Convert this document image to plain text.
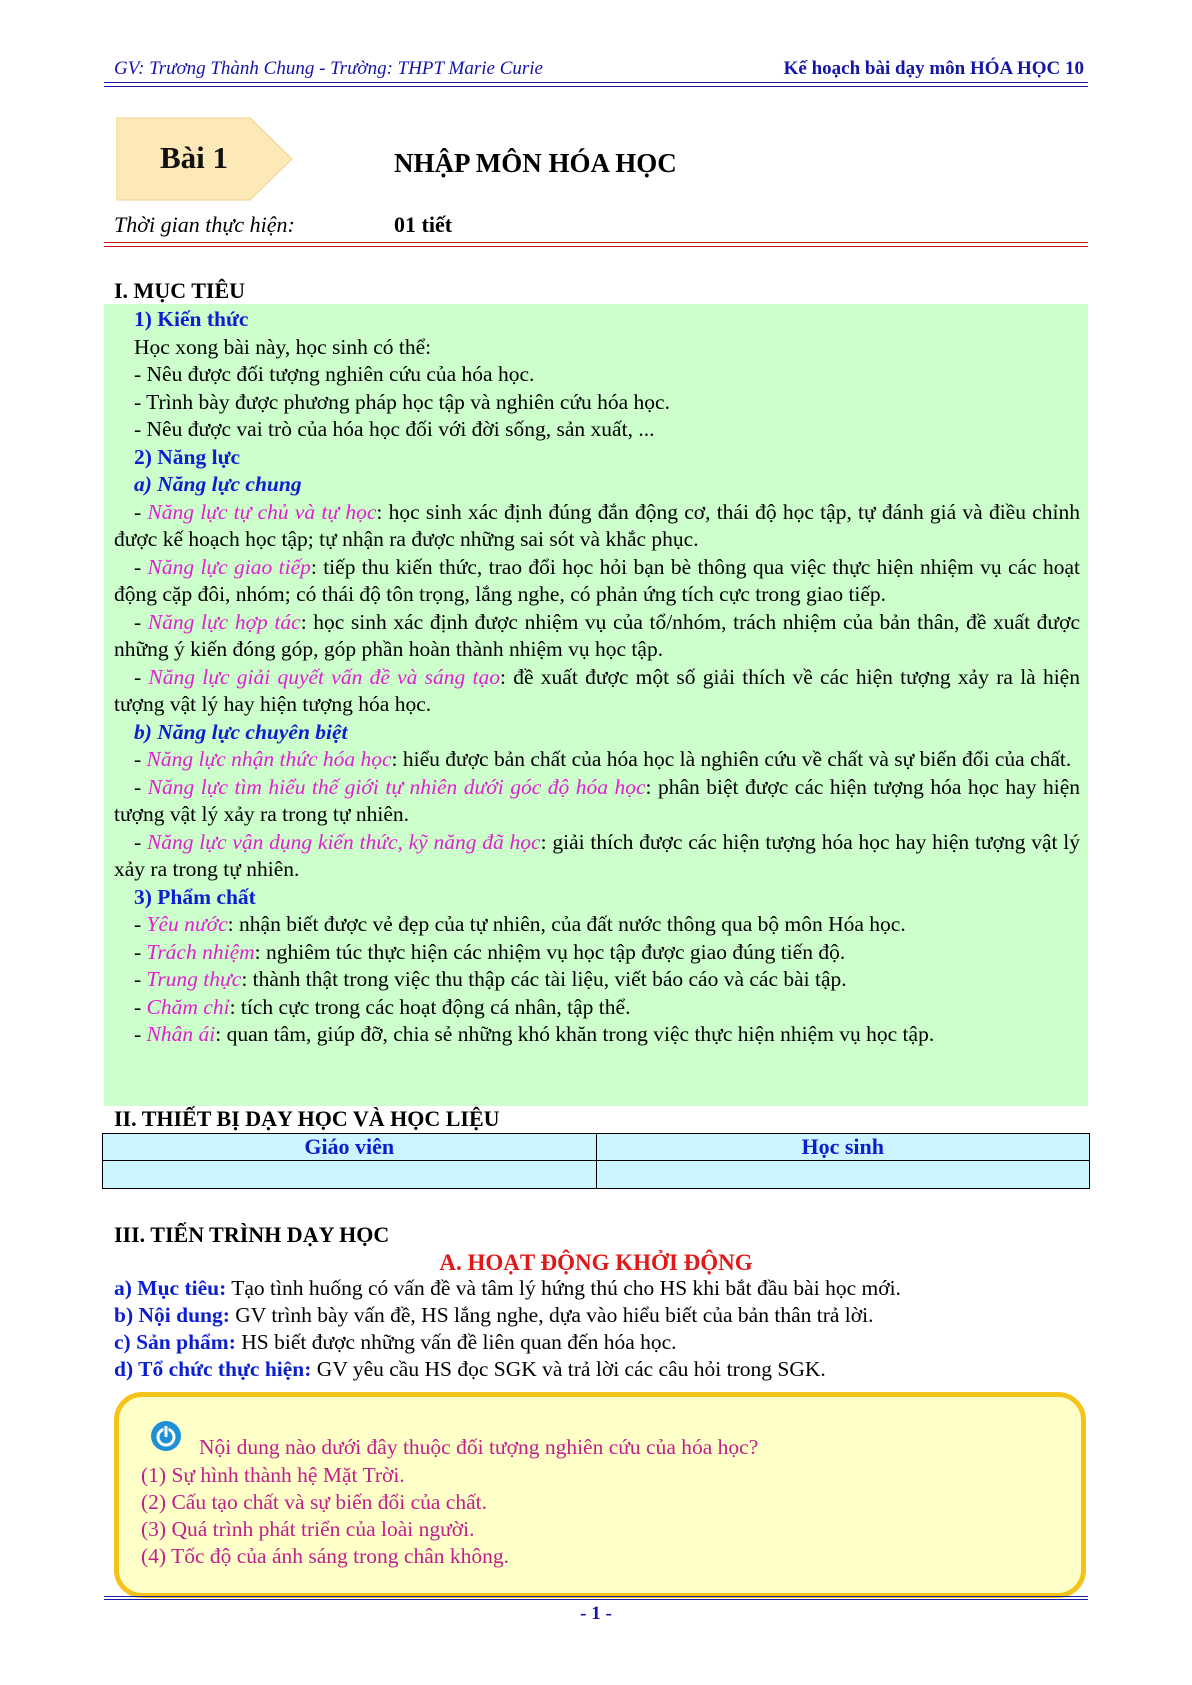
GV: Trương Thành Chung - Trường: THPT Marie Curie	Kế hoạch bài dạy môn HÓA HỌC 10
Bài 1	NHẬP MÔN HÓA HỌC
Thời gian thực hiện:	01 tiết
I. MỤC TIÊU
1) Kiến thức
Học xong bài này, học sinh có thể:
- Nêu được đối tượng nghiên cứu của hóa học.
- Trình bày được phương pháp học tập và nghiên cứu hóa học.
- Nêu được vai trò của hóa học đối với đời sống, sản xuất, ...
2) Năng lực
a) Năng lực chung
- Năng lực tự chủ và tự học: học sinh xác định đúng đắn động cơ, thái độ học tập, tự đánh giá và điều chỉnh được kế hoạch học tập; tự nhận ra được những sai sót và khắc phục.
- Năng lực giao tiếp: tiếp thu kiến thức, trao đổi học hỏi bạn bè thông qua việc thực hiện nhiệm vụ các hoạt động cặp đôi, nhóm; có thái độ tôn trọng, lắng nghe, có phản ứng tích cực trong giao tiếp.
- Năng lực hợp tác: học sinh xác định được nhiệm vụ của tổ/nhóm, trách nhiệm của bản thân, đề xuất được những ý kiến đóng góp, góp phần hoàn thành nhiệm vụ học tập.
- Năng lực giải quyết vấn đề và sáng tạo: đề xuất được một số giải thích về các hiện tượng xảy ra là hiện tượng vật lý hay hiện tượng hóa học.
b) Năng lực chuyên biệt
- Năng lực nhận thức hóa học: hiểu được bản chất của hóa học là nghiên cứu về chất và sự biến đổi của chất.
- Năng lực tìm hiểu thế giới tự nhiên dưới góc độ hóa học: phân biệt được các hiện tượng hóa học hay hiện tượng vật lý xảy ra trong tự nhiên.
- Năng lực vận dụng kiến thức, kỹ năng đã học: giải thích được các hiện tượng hóa học hay hiện tượng vật lý xảy ra trong tự nhiên.
3) Phẩm chất
- Yêu nước: nhận biết được vẻ đẹp của tự nhiên, của đất nước thông qua bộ môn Hóa học.
- Trách nhiệm: nghiêm túc thực hiện các nhiệm vụ học tập được giao đúng tiến độ.
- Trung thực: thành thật trong việc thu thập các tài liệu, viết báo cáo và các bài tập.
- Chăm chỉ: tích cực trong các hoạt động cá nhân, tập thể.
- Nhân ái: quan tâm, giúp đỡ, chia sẻ những khó khăn trong việc thực hiện nhiệm vụ học tập.
II. THIẾT BỊ DẠY HỌC VÀ HỌC LIỆU
Giáo viên	Học sinh

III. TIẾN TRÌNH DẠY HỌC
A. HOẠT ĐỘNG KHỞI ĐỘNG
a) Mục tiêu: Tạo tình huống có vấn đề và tâm lý hứng thú cho HS khi bắt đầu bài học mới.
b) Nội dung: GV trình bày vấn đề, HS lắng nghe, dựa vào hiểu biết của bản thân trả lời.
c) Sản phẩm: HS biết được những vấn đề liên quan đến hóa học.
d) Tổ chức thực hiện: GV yêu cầu HS đọc SGK và trả lời các câu hỏi trong SGK.
Nội dung nào dưới đây thuộc đối tượng nghiên cứu của hóa học?
(1) Sự hình thành hệ Mặt Trời.
(2) Cấu tạo chất và sự biến đổi của chất.
(3) Quá trình phát triển của loài người.
(4) Tốc độ của ánh sáng trong chân không.
- 1 -
